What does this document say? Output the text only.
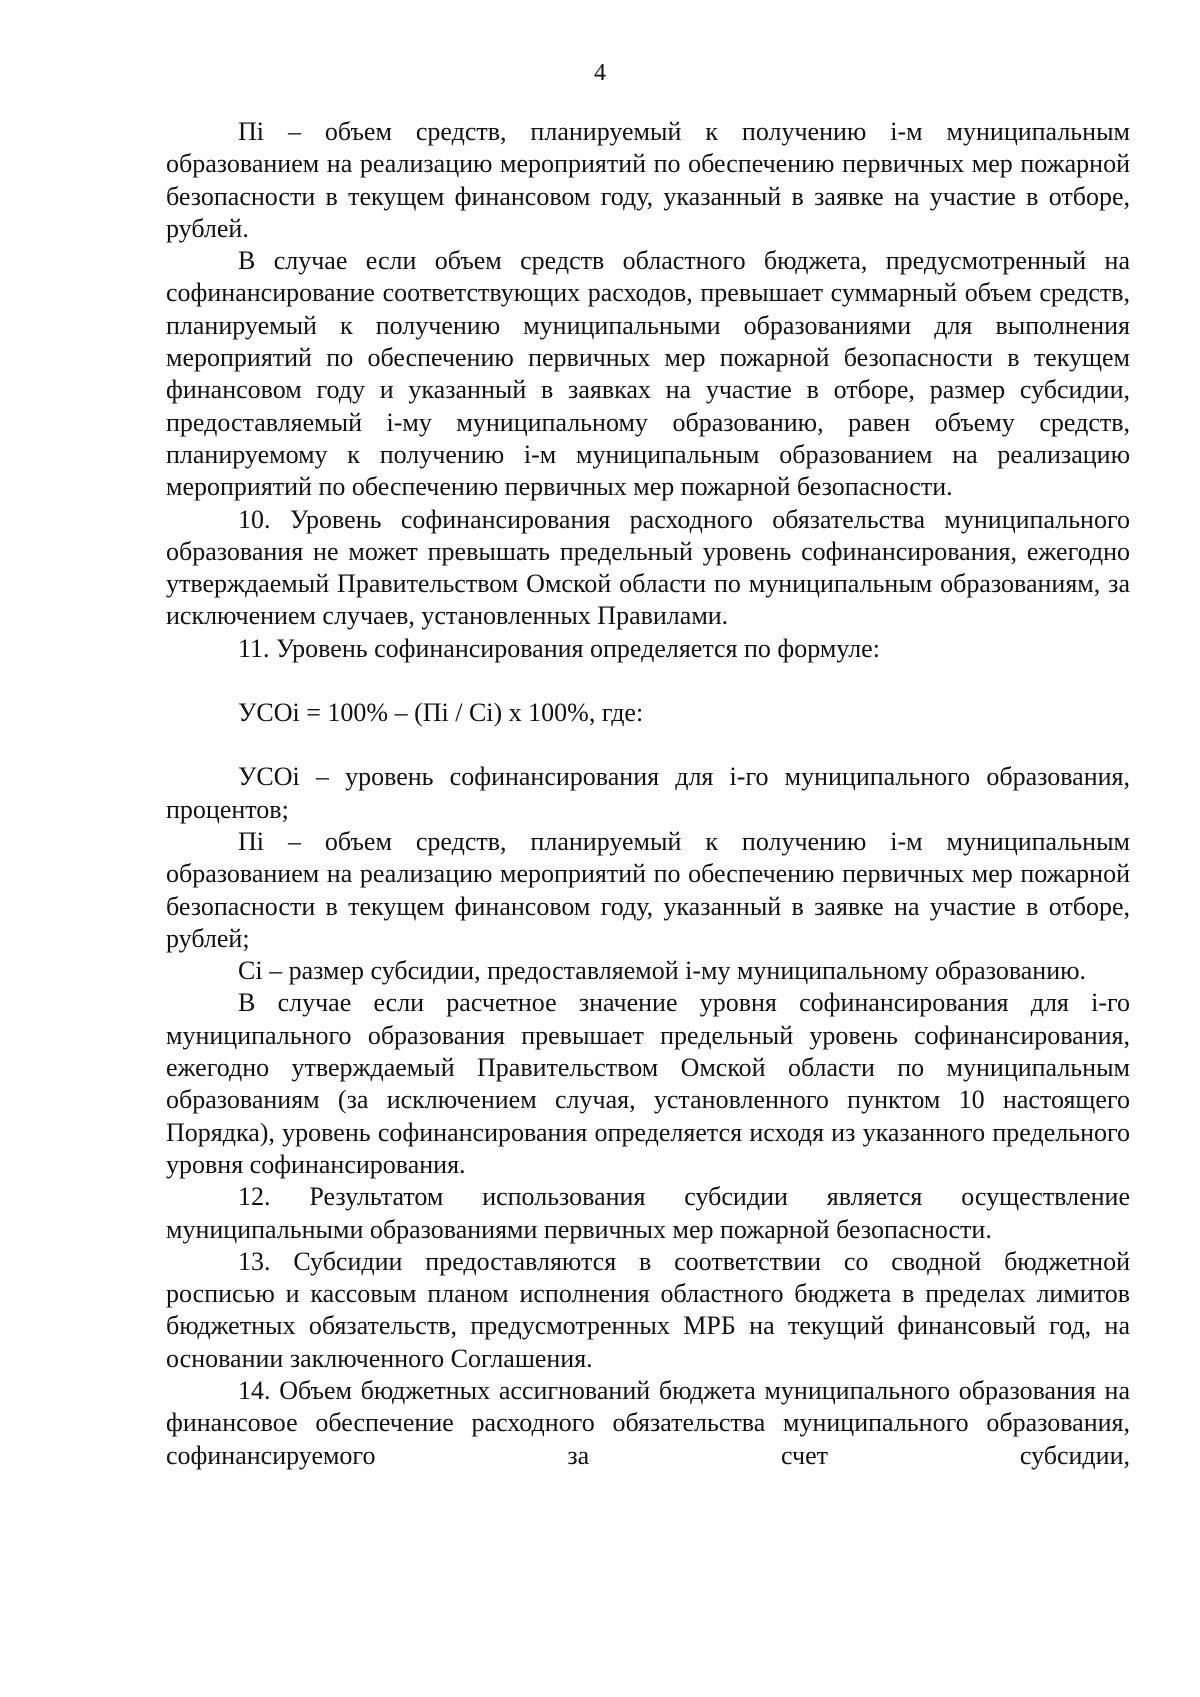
4

Пi – объем средств, планируемый к получению i-м муниципальным образованием на реализацию мероприятий по обеспечению первичных мер пожарной безопасности в текущем финансовом году, указанный в заявке на участие в отборе, рублей.

В случае если объем средств областного бюджета, предусмотренный на софинансирование соответствующих расходов, превышает суммарный объем средств, планируемый к получению муниципальными образованиями для выполнения мероприятий по обеспечению первичных мер пожарной безопасности в текущем финансовом году и указанный в заявках на участие в отборе, размер субсидии, предоставляемый i-му муниципальному образованию, равен объему средств, планируемому к получению i-м муниципальным образованием на реализацию мероприятий по обеспечению первичных мер пожарной безопасности.

10. Уровень софинансирования расходного обязательства муниципального образования не может превышать предельный уровень софинансирования, ежегодно утверждаемый Правительством Омской области по муниципальным образованиям, за исключением случаев, установленных Правилами.

11. Уровень софинансирования определяется по формуле:

УСОi = 100% – (Пi / Сi) x 100%, где:

УСОi – уровень софинансирования для i-го муниципального образования, процентов;

Пi – объем средств, планируемый к получению i-м муниципальным образованием на реализацию мероприятий по обеспечению первичных мер пожарной безопасности в текущем финансовом году, указанный в заявке на участие в отборе, рублей;

Сi – размер субсидии, предоставляемой i-му муниципальному образованию.

В случае если расчетное значение уровня софинансирования для i-го муниципального образования превышает предельный уровень софинансирования, ежегодно утверждаемый Правительством Омской области по муниципальным образованиям (за исключением случая, установленного пунктом 10 настоящего Порядка), уровень софинансирования определяется исходя из указанного предельного уровня софинансирования.

12. Результатом использования субсидии является осуществление муниципальными образованиями первичных мер пожарной безопасности.

13. Субсидии предоставляются в соответствии со сводной бюджетной росписью и кассовым планом исполнения областного бюджета в пределах лимитов бюджетных обязательств, предусмотренных МРБ на текущий финансовый год, на основании заключенного Соглашения.

14. Объем бюджетных ассигнований бюджета муниципального образования на финансовое обеспечение расходного обязательства муниципального образования, софинансируемого за счет субсидии,
